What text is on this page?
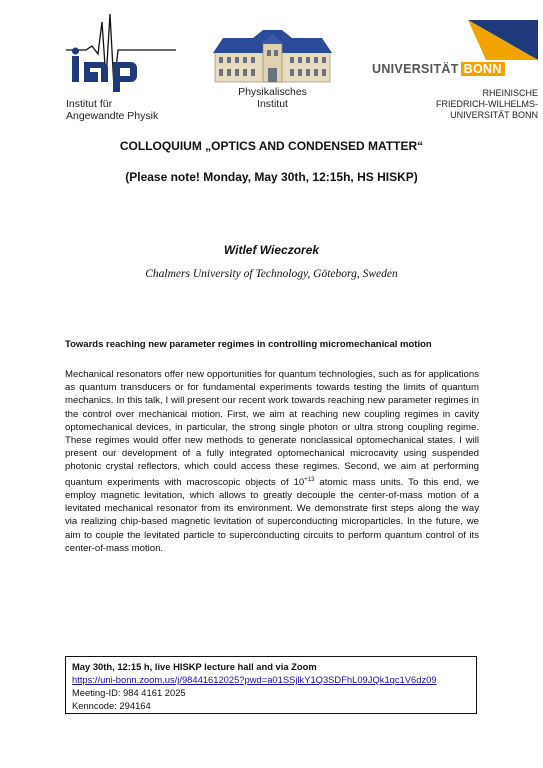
Institut für
Angewandte Physik
Physikalisches
Institut
UNIVERSITÄT BONN
RHEINISCHE
FRIEDRICH-WILHELMS-
UNIVERSITÄT BONN
COLLOQUIUM „OPTICS AND CONDENSED MATTER“
(Please note! Monday, May 30th, 12:15h, HS HISKP)
Witlef Wieczorek
Chalmers University of Technology, Göteborg, Sweden
Towards reaching new parameter regimes in controlling micromechanical motion
Mechanical resonators offer new opportunities for quantum technologies, such as for applications as quantum transducers or for fundamental experiments towards testing the limits of quantum mechanics. In this talk, I will present our recent work towards reaching new parameter regimes in the control over mechanical motion. First, we aim at reaching new coupling regimes in cavity optomechanical devices, in particular, the strong single photon or ultra strong coupling regime. These regimes would offer new methods to generate nonclassical optomechanical states. I will present our development of a fully integrated optomechanical microcavity using suspended photonic crystal reflectors, which could access these regimes. Second, we aim at performing quantum experiments with macroscopic objects of $10^{+13}$ atomic mass units. To this end, we employ magnetic levitation, which allows to greatly decouple the center-of-mass motion of a levitated mechanical resonator from its environment. We demonstrate first steps along the way via realizing chip-based magnetic levitation of superconducting microparticles. In the future, we aim to couple the levitated particle to superconducting circuits to perform quantum control of its center-of-mass motion.
May 30th, 12:15 h, live HISKP lecture hall and via Zoom
https://uni-bonn.zoom.us/j/98441612025?pwd=a01SSjlkY1Q3SDFhL09JQk1qc1V6dz09
Meeting-ID: 984 4161 2025
Kenncode: 294164
